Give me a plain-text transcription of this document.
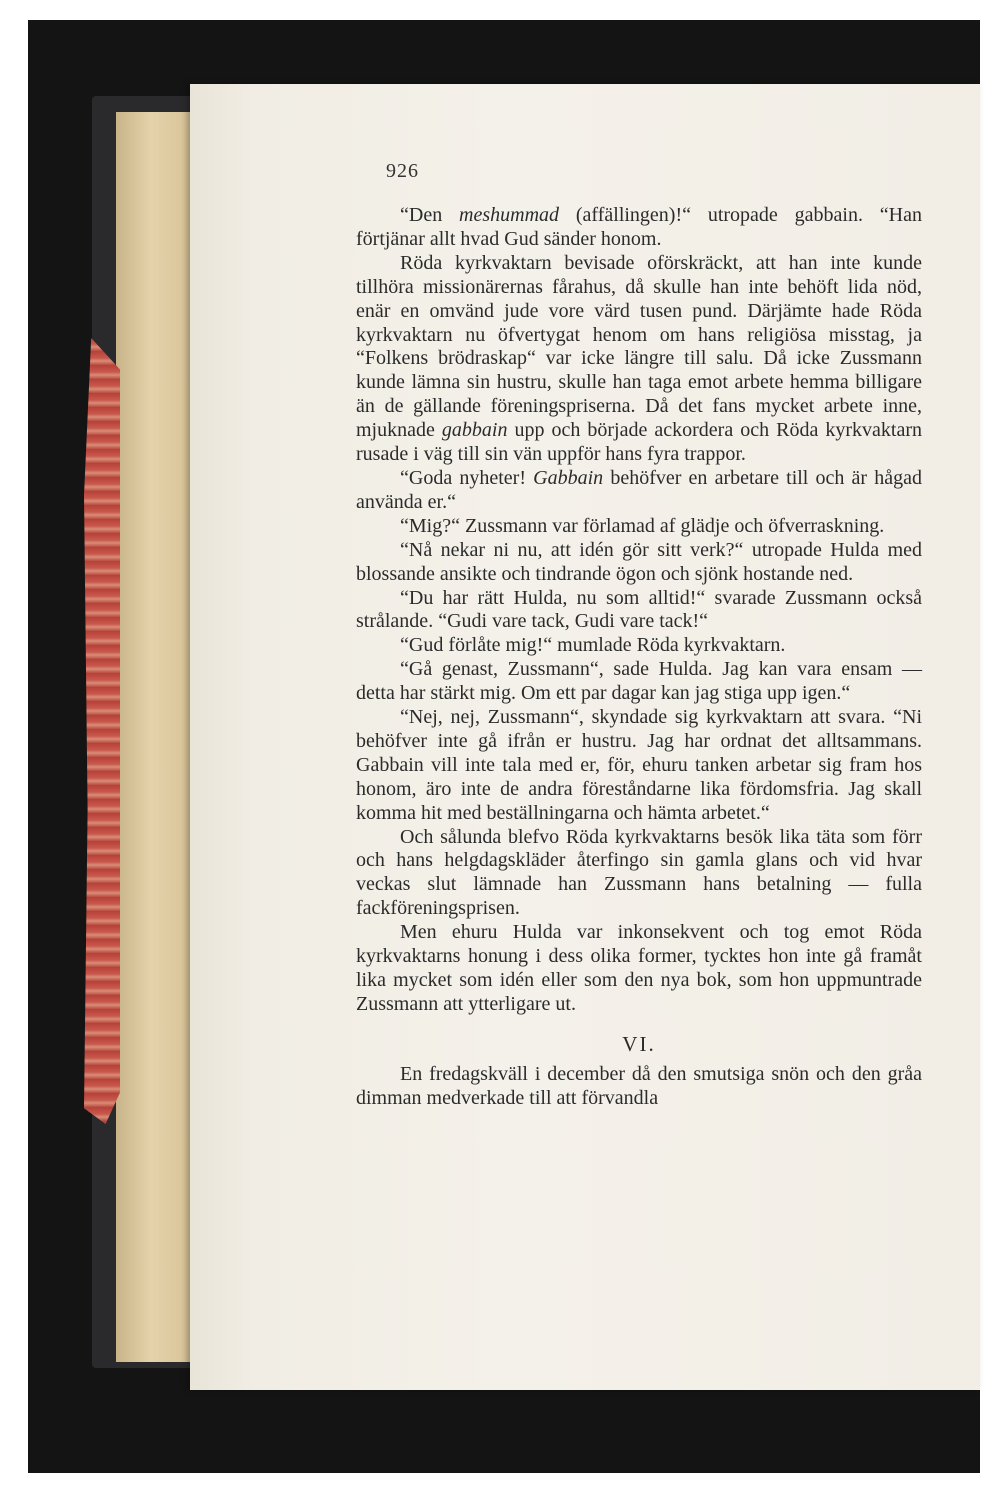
926

“Den meshummad (affällingen)!“ utropade gabbain. “Han förtjänar allt hvad Gud sänder honom.

Röda kyrkvaktarn bevisade oförskräckt, att han inte kunde tillhöra missionärernas fårahus, då skulle han inte behöft lida nöd, enär en omvänd jude vore värd tusen pund. Därjämte hade Röda kyrkvaktarn nu öfvertygat henom om hans religiösa misstag, ja “Folkens brödraskap“ var icke längre till salu. Då icke Zussmann kunde lämna sin hustru, skulle han taga emot arbete hemma billigare än de gällande föreningspriserna. Då det fans mycket arbete inne, mjuknade gabbain upp och började ackordera och Röda kyrkvaktarn rusade i väg till sin vän uppför hans fyra trappor.

“Goda nyheter! Gabbain behöfver en arbetare till och är hågad använda er.“

“Mig?“ Zussmann var förlamad af glädje och öfverraskning.

“Nå nekar ni nu, att idén gör sitt verk?“ utropade Hulda med blossande ansikte och tindrande ögon och sjönk hostande ned.

“Du har rätt Hulda, nu som alltid!“ svarade Zussmann också strålande. “Gudi vare tack, Gudi vare tack!“

“Gud förlåte mig!“ mumlade Röda kyrkvaktarn.

“Gå genast, Zussmann“, sade Hulda. Jag kan vara ensam — detta har stärkt mig. Om ett par dagar kan jag stiga upp igen.“

“Nej, nej, Zussmann“, skyndade sig kyrkvaktarn att svara. “Ni behöfver inte gå ifrån er hustru. Jag har ordnat det alltsammans. Gabbain vill inte tala med er, för, ehuru tanken arbetar sig fram hos honom, äro inte de andra föreståndarne lika fördomsfria. Jag skall komma hit med beställningarna och hämta arbetet.“

Och sålunda blefvo Röda kyrkvaktarns besök lika täta som förr och hans helgdagskläder återfingo sin gamla glans och vid hvar veckas slut lämnade han Zussmann hans betalning — fulla fackföreningsprisen.

Men ehuru Hulda var inkonsekvent och tog emot Röda kyrkvaktarns honung i dess olika former, tycktes hon inte gå framåt lika mycket som idén eller som den nya bok, som hon uppmuntrade Zussmann att ytterligare ut.

VI.

En fredagskväll i december då den smutsiga snön och den gråa dimman medverkade till att förvandla
